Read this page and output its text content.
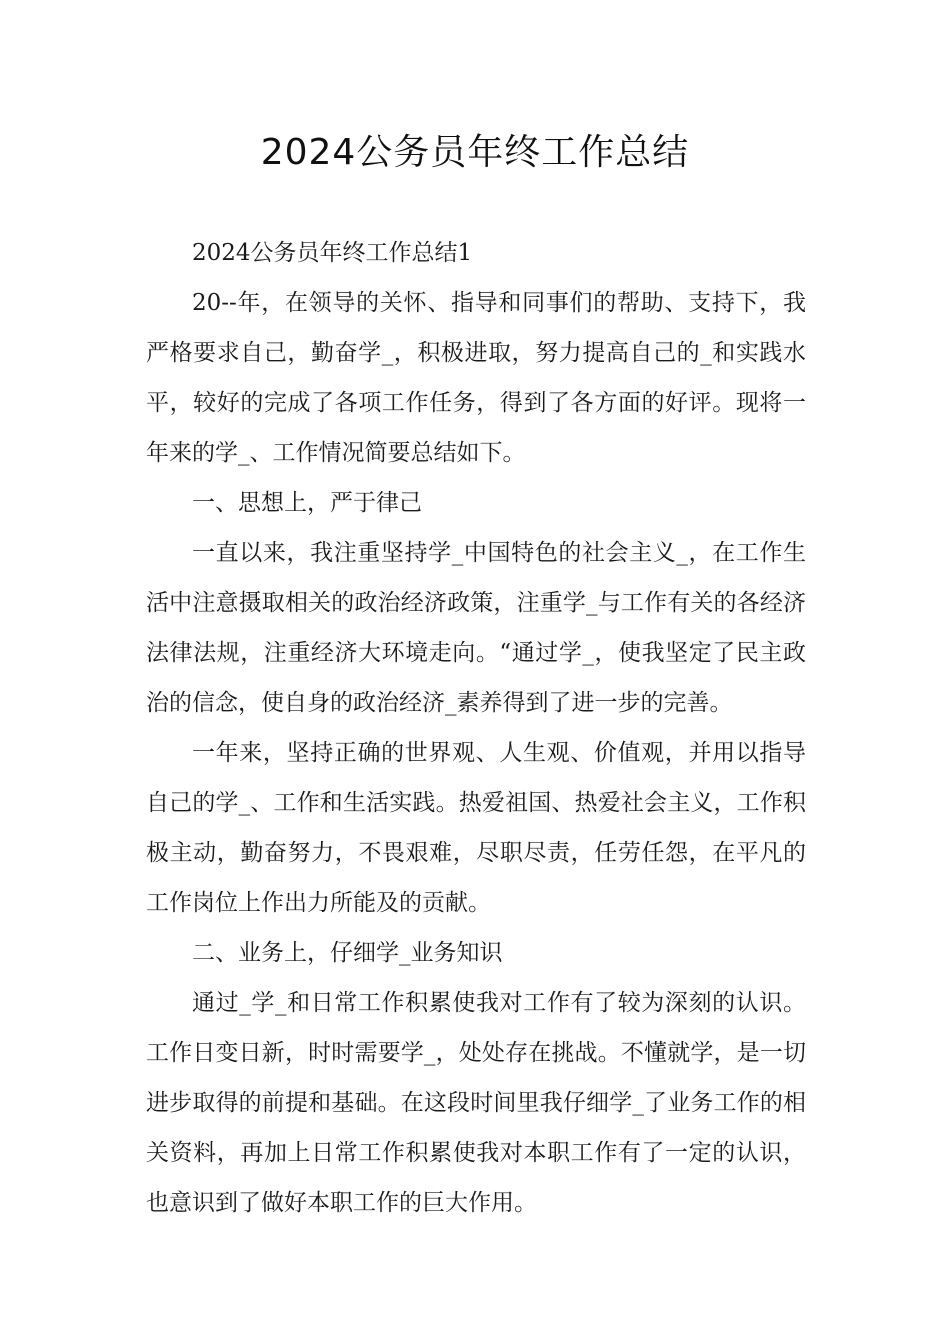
2024公务员年终工作总结

2024公务员年终工作总结1

20--年，在领导的关怀、指导和同事们的帮助、支持下，我严格要求自己，勤奋学_，积极进取，努力提高自己的_和实践水平，较好的完成了各项工作任务，得到了各方面的好评。现将一年来的学_、工作情况简要总结如下。

一、思想上，严于律己

一直以来，我注重坚持学_中国特色的社会主义_，在工作生活中注意摄取相关的政治经济政策，注重学_与工作有关的各经济法律法规，注重经济大环境走向。“通过学_，使我坚定了民主政治的信念，使自身的政治经济_素养得到了进一步的完善。

一年来，坚持正确的世界观、人生观、价值观，并用以指导自己的学_、工作和生活实践。热爱祖国、热爱社会主义，工作积极主动，勤奋努力，不畏艰难，尽职尽责，任劳任怨，在平凡的工作岗位上作出力所能及的贡献。

二、业务上，仔细学_业务知识

通过_学_和日常工作积累使我对工作有了较为深刻的认识。工作日变日新，时时需要学_，处处存在挑战。不懂就学，是一切进步取得的前提和基础。在这段时间里我仔细学_了业务工作的相关资料，再加上日常工作积累使我对本职工作有了一定的认识，也意识到了做好本职工作的巨大作用。
